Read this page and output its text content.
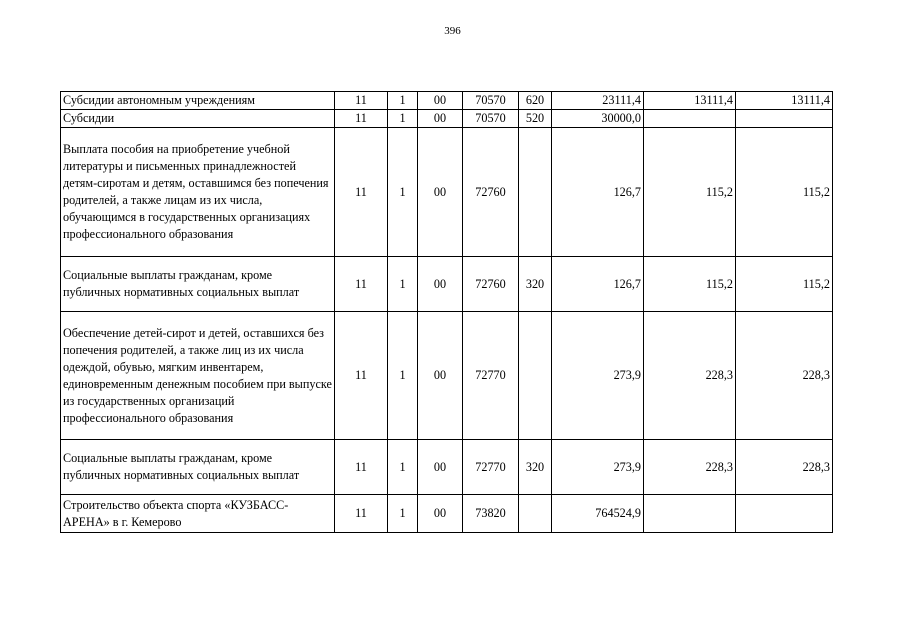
396
Субсидии автономным учреждениям	11	1	00	70570	620	23111,4	13111,4	13111,4
Субсидии	11	1	00	70570	520	30000,0		
Выплата пособия на приобретение учебной литературы и письменных принадлежностей детям-сиротам и детям, оставшимся без попечения родителей, а также лицам из их числа, обучающимся в государственных организациях профессионального образования	11	1	00	72760		126,7	115,2	115,2
Социальные выплаты гражданам, кроме публичных нормативных социальных выплат	11	1	00	72760	320	126,7	115,2	115,2
Обеспечение детей-сирот и детей, оставшихся без попечения родителей, а также лиц из их числа одеждой, обувью, мягким инвентарем, единовременным денежным пособием при выпуске из государственных организаций профессионального образования	11	1	00	72770		273,9	228,3	228,3
Социальные выплаты гражданам, кроме публичных нормативных социальных выплат	11	1	00	72770	320	273,9	228,3	228,3
Строительство объекта спорта «КУЗБАСС-АРЕНА» в г. Кемерово	11	1	00	73820		764524,9		
